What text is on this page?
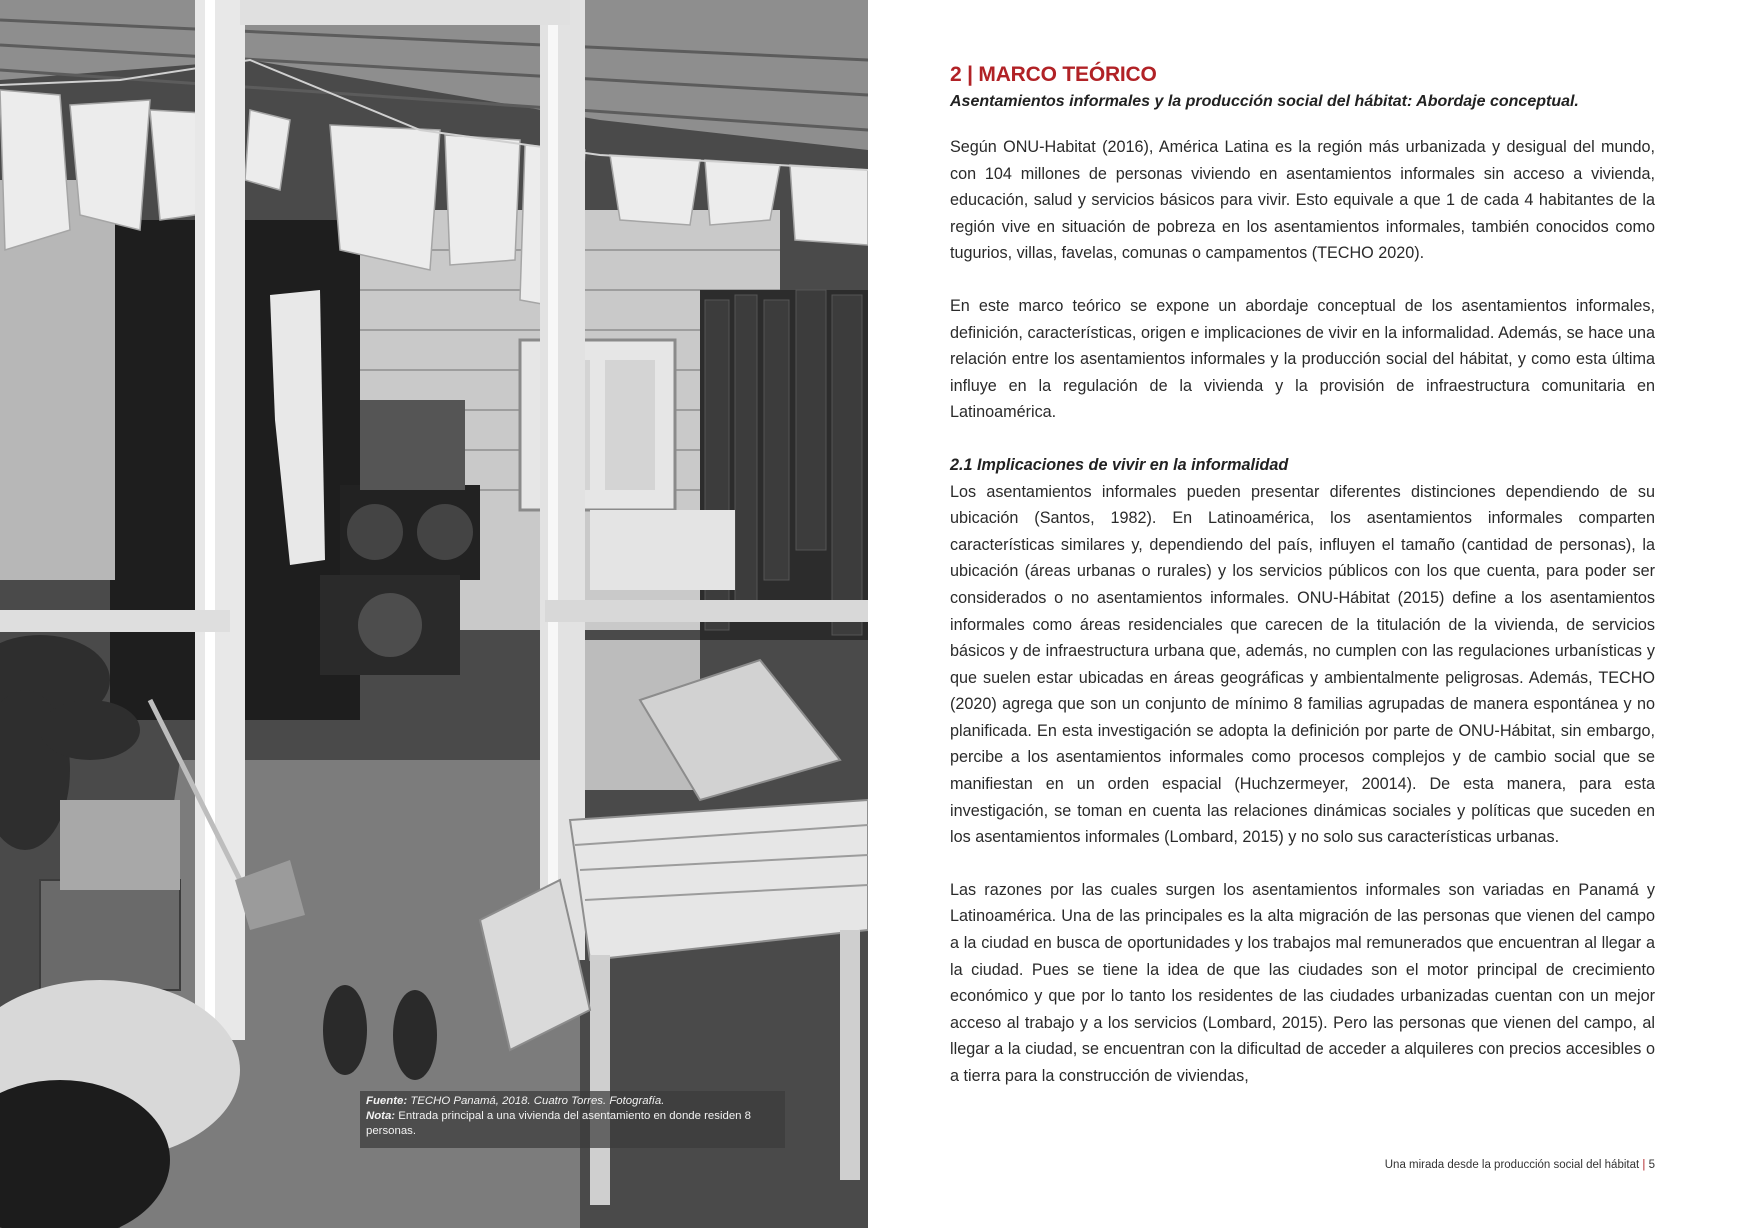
Fuente: TECHO Panamá, 2018. Cuatro Torres. Fotografía.
Nota: Entrada principal a una vivienda del asentamiento en donde residen 8 personas.
2 | MARCO TEÓRICO
Asentamientos informales y la producción social del hábitat: Abordaje conceptual.

Según ONU-Habitat (2016), América Latina es la región más urbanizada y desigual del mundo, con 104 millones de personas viviendo en asentamientos informales sin acceso a vivienda, educación, salud y servicios básicos para vivir. Esto equivale a que 1 de cada 4 habitantes de la región vive en situación de pobreza en los asentamientos informales, también conocidos como tugurios, villas, favelas, comunas o campamentos (TECHO 2020).

En este marco teórico se expone un abordaje conceptual de los asentamientos informales, definición, características, origen e implicaciones de vivir en la informalidad. Además, se hace una relación entre los asentamientos informales y la producción social del hábitat, y como esta última influye en la regulación de la vivienda y la provisión de infraestructura comunitaria en Latinoamérica.

2.1 Implicaciones de vivir en la informalidad

Los asentamientos informales pueden presentar diferentes distinciones dependiendo de su ubicación (Santos, 1982). En Latinoamérica, los asentamientos informales comparten características similares y, dependiendo del país, influyen el tamaño (cantidad de personas), la ubicación (áreas urbanas o rurales) y los servicios públicos con los que cuenta, para poder ser considerados o no asentamientos informales. ONU-Hábitat (2015) define a los asentamientos informales como áreas residenciales que carecen de la titulación de la vivienda, de servicios básicos y de infraestructura urbana que, además, no cumplen con las regulaciones urbanísticas y que suelen estar ubicadas en áreas geográficas y ambientalmente peligrosas. Además, TECHO (2020) agrega que son un conjunto de mínimo 8 familias agrupadas de manera espontánea y no planificada. En esta investigación se adopta la definición por parte de ONU-Hábitat, sin embargo, percibe a los asentamientos informales como procesos complejos y de cambio social que se manifiestan en un orden espacial (Huchzermeyer, 20014). De esta manera, para esta investigación, se toman en cuenta las relaciones dinámicas sociales y políticas que suceden en los asentamientos informales (Lombard, 2015) y no solo sus características urbanas.

Las razones por las cuales surgen los asentamientos informales son variadas en Panamá y Latinoamérica. Una de las principales es la alta migración de las personas que vienen del campo a la ciudad en busca de oportunidades y los trabajos mal remunerados que encuentran al llegar a la ciudad. Pues se tiene la idea de que las ciudades son el motor principal de crecimiento económico y que por lo tanto los residentes de las ciudades urbanizadas cuentan con un mejor acceso al trabajo y a los servicios (Lombard, 2015). Pero las personas que vienen del campo, al llegar a la ciudad, se encuentran con la dificultad de acceder a alquileres con precios accesibles o a tierra para la construcción de viviendas,

Una mirada desde la producción social del hábitat | 5
